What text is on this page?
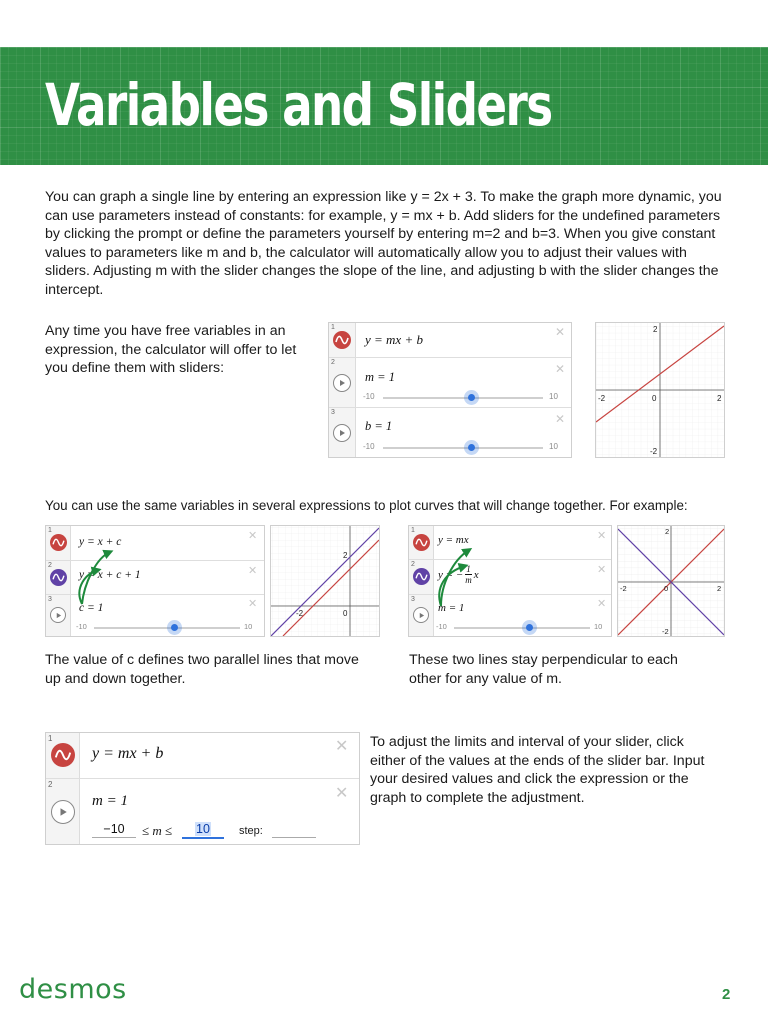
Variables and Sliders

You can graph a single line by entering an expression like y = 2x + 3. To make the graph more dynamic, you can use parameters instead of constants: for example, y = mx + b. Add sliders for the undefined parameters by clicking the prompt or define the parameters yourself by entering m=2 and b=3. When you give constant values to parameters like m and b, the calculator will automatically allow you to adjust their values with sliders. Adjusting m with the slider changes the slope of the line, and adjusting b with the slider changes the intercept.

Any time you have free variables in an expression, the calculator will offer to let you define them with sliders:

1
y = mx + b	✕
2
m = 1
✕
-10	10
3
b = 1	✕
-10	10
-2	0	2
2
-2

You can use the same variables in several expressions to plot curves that will change together. For example:

1
y = x + c	✕
2
y = x + c + 1	✕
3
c = 1	✕
-10	10
-2	0
2
1
y = mx	✕
2
y = − $\frac{1}{m}$ x	✕
3
m = 1	✕
-10	10
-2	0	2
2
-2

The value of c defines two parallel lines that move up and down together.

These two lines stay perpendicular to each other for any value of m.

1
y = mx + b	✕
2
m = 1	✕
−10	≤ m ≤	10	step:

To adjust the limits and interval of your slider, click either of the values at the ends of the slider bar. Input your desired values and click the expression or the graph to complete the adjustment.

desmos	2
